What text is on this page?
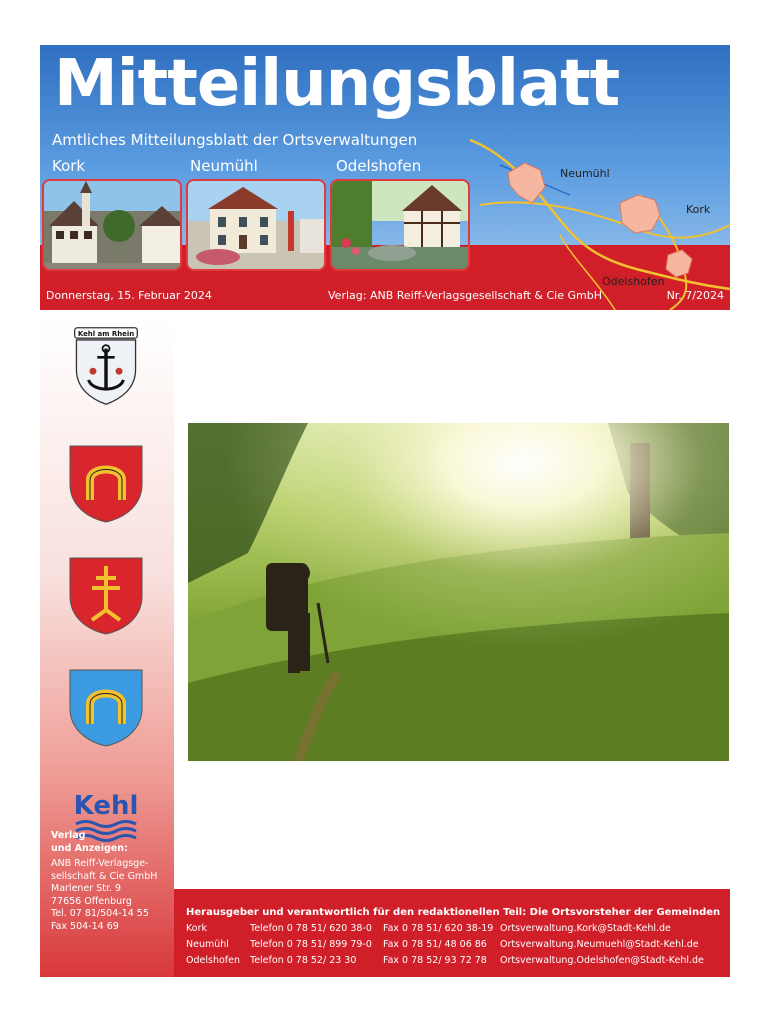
Mitteilungsblatt
Amtliches Mitteilungsblatt der Ortsverwaltungen
Kork	Neumühl	Odelshofen	Neumühl
Kork
Odelshofen
Donnerstag, 15. Februar 2024	Verlag: ANB Reiff-Verlagsgesellschaft & Cie GmbH	Nr. 7/2024
Kehl am Rhein
Kehl
Verlag
und Anzeigen:
ANB Reiff-Verlagsge-
sellschaft & Cie GmbH
Marlener Str. 9
77656 Offenburg
Tel. 07 81/504-14 55
Fax 504-14 69
Herausgeber und verantwortlich für den redaktionellen Teil: Die Ortsvorsteher der Gemeinden
Kork	Telefon 0 78 51/ 620 38-0 Fax 0 78 51/ 620 38-19 Ortsverwaltung.Kork@Stadt-Kehl.de
Neumühl Telefon 0 78 51/ 899 79-0 Fax 0 78 51/ 48 06 86 Ortsverwaltung.Neumuehl@Stadt-Kehl.de
Odelshofen Telefon 0 78 52/ 23 30	Fax 0 78 52/ 93 72 78 Ortsverwaltung.Odelshofen@Stadt-Kehl.de
